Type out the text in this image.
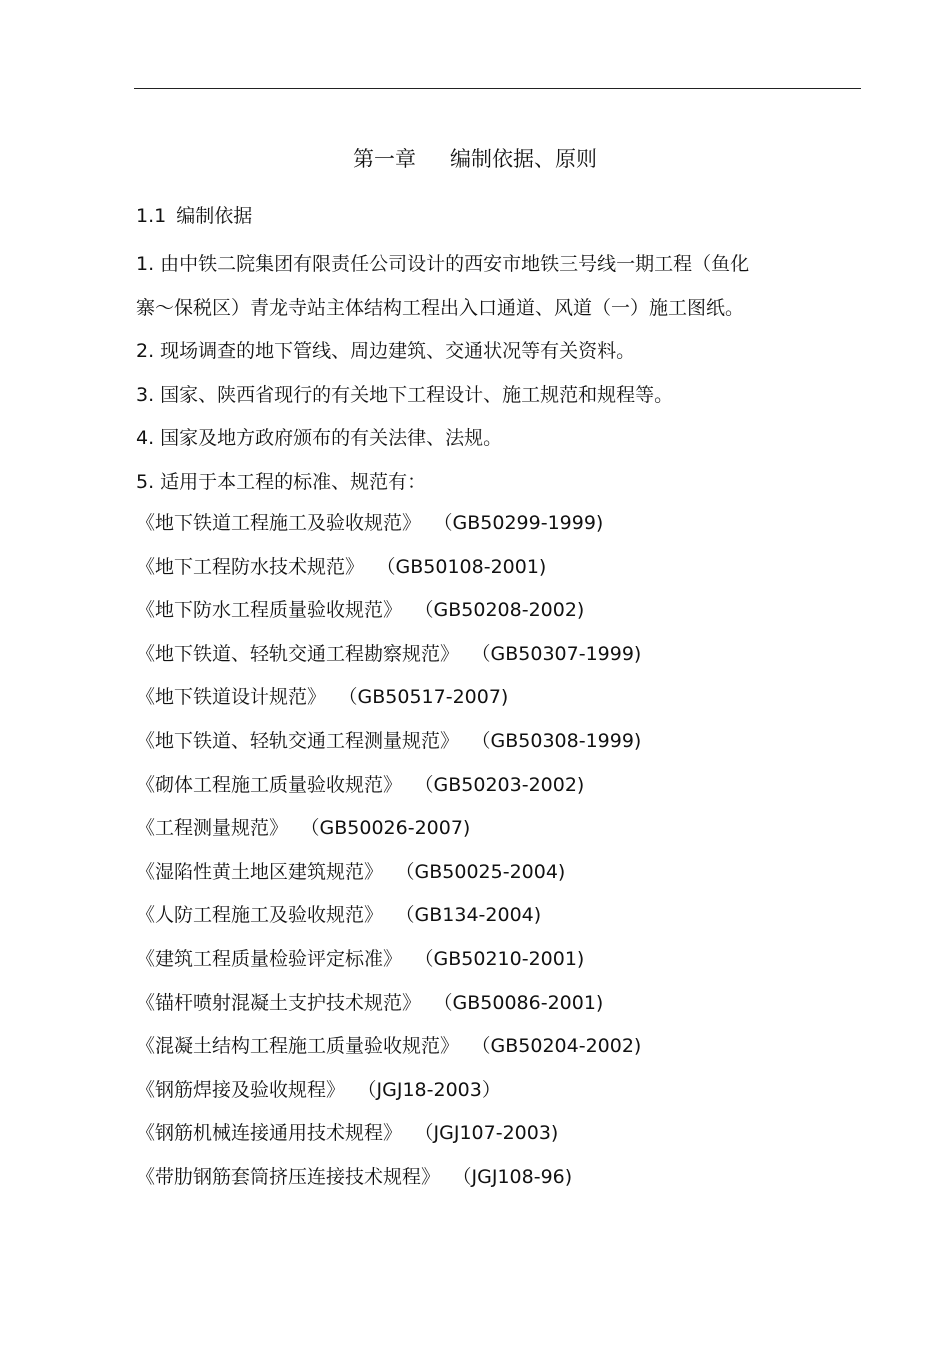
第一章 编制依据、原则
1.1 编制依据
1. 由中铁二院集团有限责任公司设计的西安市地铁三号线一期工程（鱼化
寨～保税区）青龙寺站主体结构工程出入口通道、风道（一）施工图纸。
2. 现场调查的地下管线、周边建筑、交通状况等有关资料。
3. 国家、陕西省现行的有关地下工程设计、施工规范和规程等。
4. 国家及地方政府颁布的有关法律、法规。
5. 适用于本工程的标准、规范有：
《地下铁道工程施工及验收规范》 （GB50299-1999)
《地下工程防水技术规范》 （GB50108-2001)
《地下防水工程质量验收规范》 （GB50208-2002)
《地下铁道、轻轨交通工程勘察规范》 （GB50307-1999)
《地下铁道设计规范》 （GB50517-2007)
《地下铁道、轻轨交通工程测量规范》 （GB50308-1999)
《砌体工程施工质量验收规范》 （GB50203-2002)
《工程测量规范》 （GB50026-2007)
《湿陷性黄土地区建筑规范》 （GB50025-2004)
《人防工程施工及验收规范》 （GB134-2004)
《建筑工程质量检验评定标准》 （GB50210-2001)
《锚杆喷射混凝土支护技术规范》 （GB50086-2001)
《混凝土结构工程施工质量验收规范》 （GB50204-2002)
《钢筋焊接及验收规程》 （JGJ18-2003）
《钢筋机械连接通用技术规程》 （JGJ107-2003)
《带肋钢筋套筒挤压连接技术规程》 （JGJ108-96)
